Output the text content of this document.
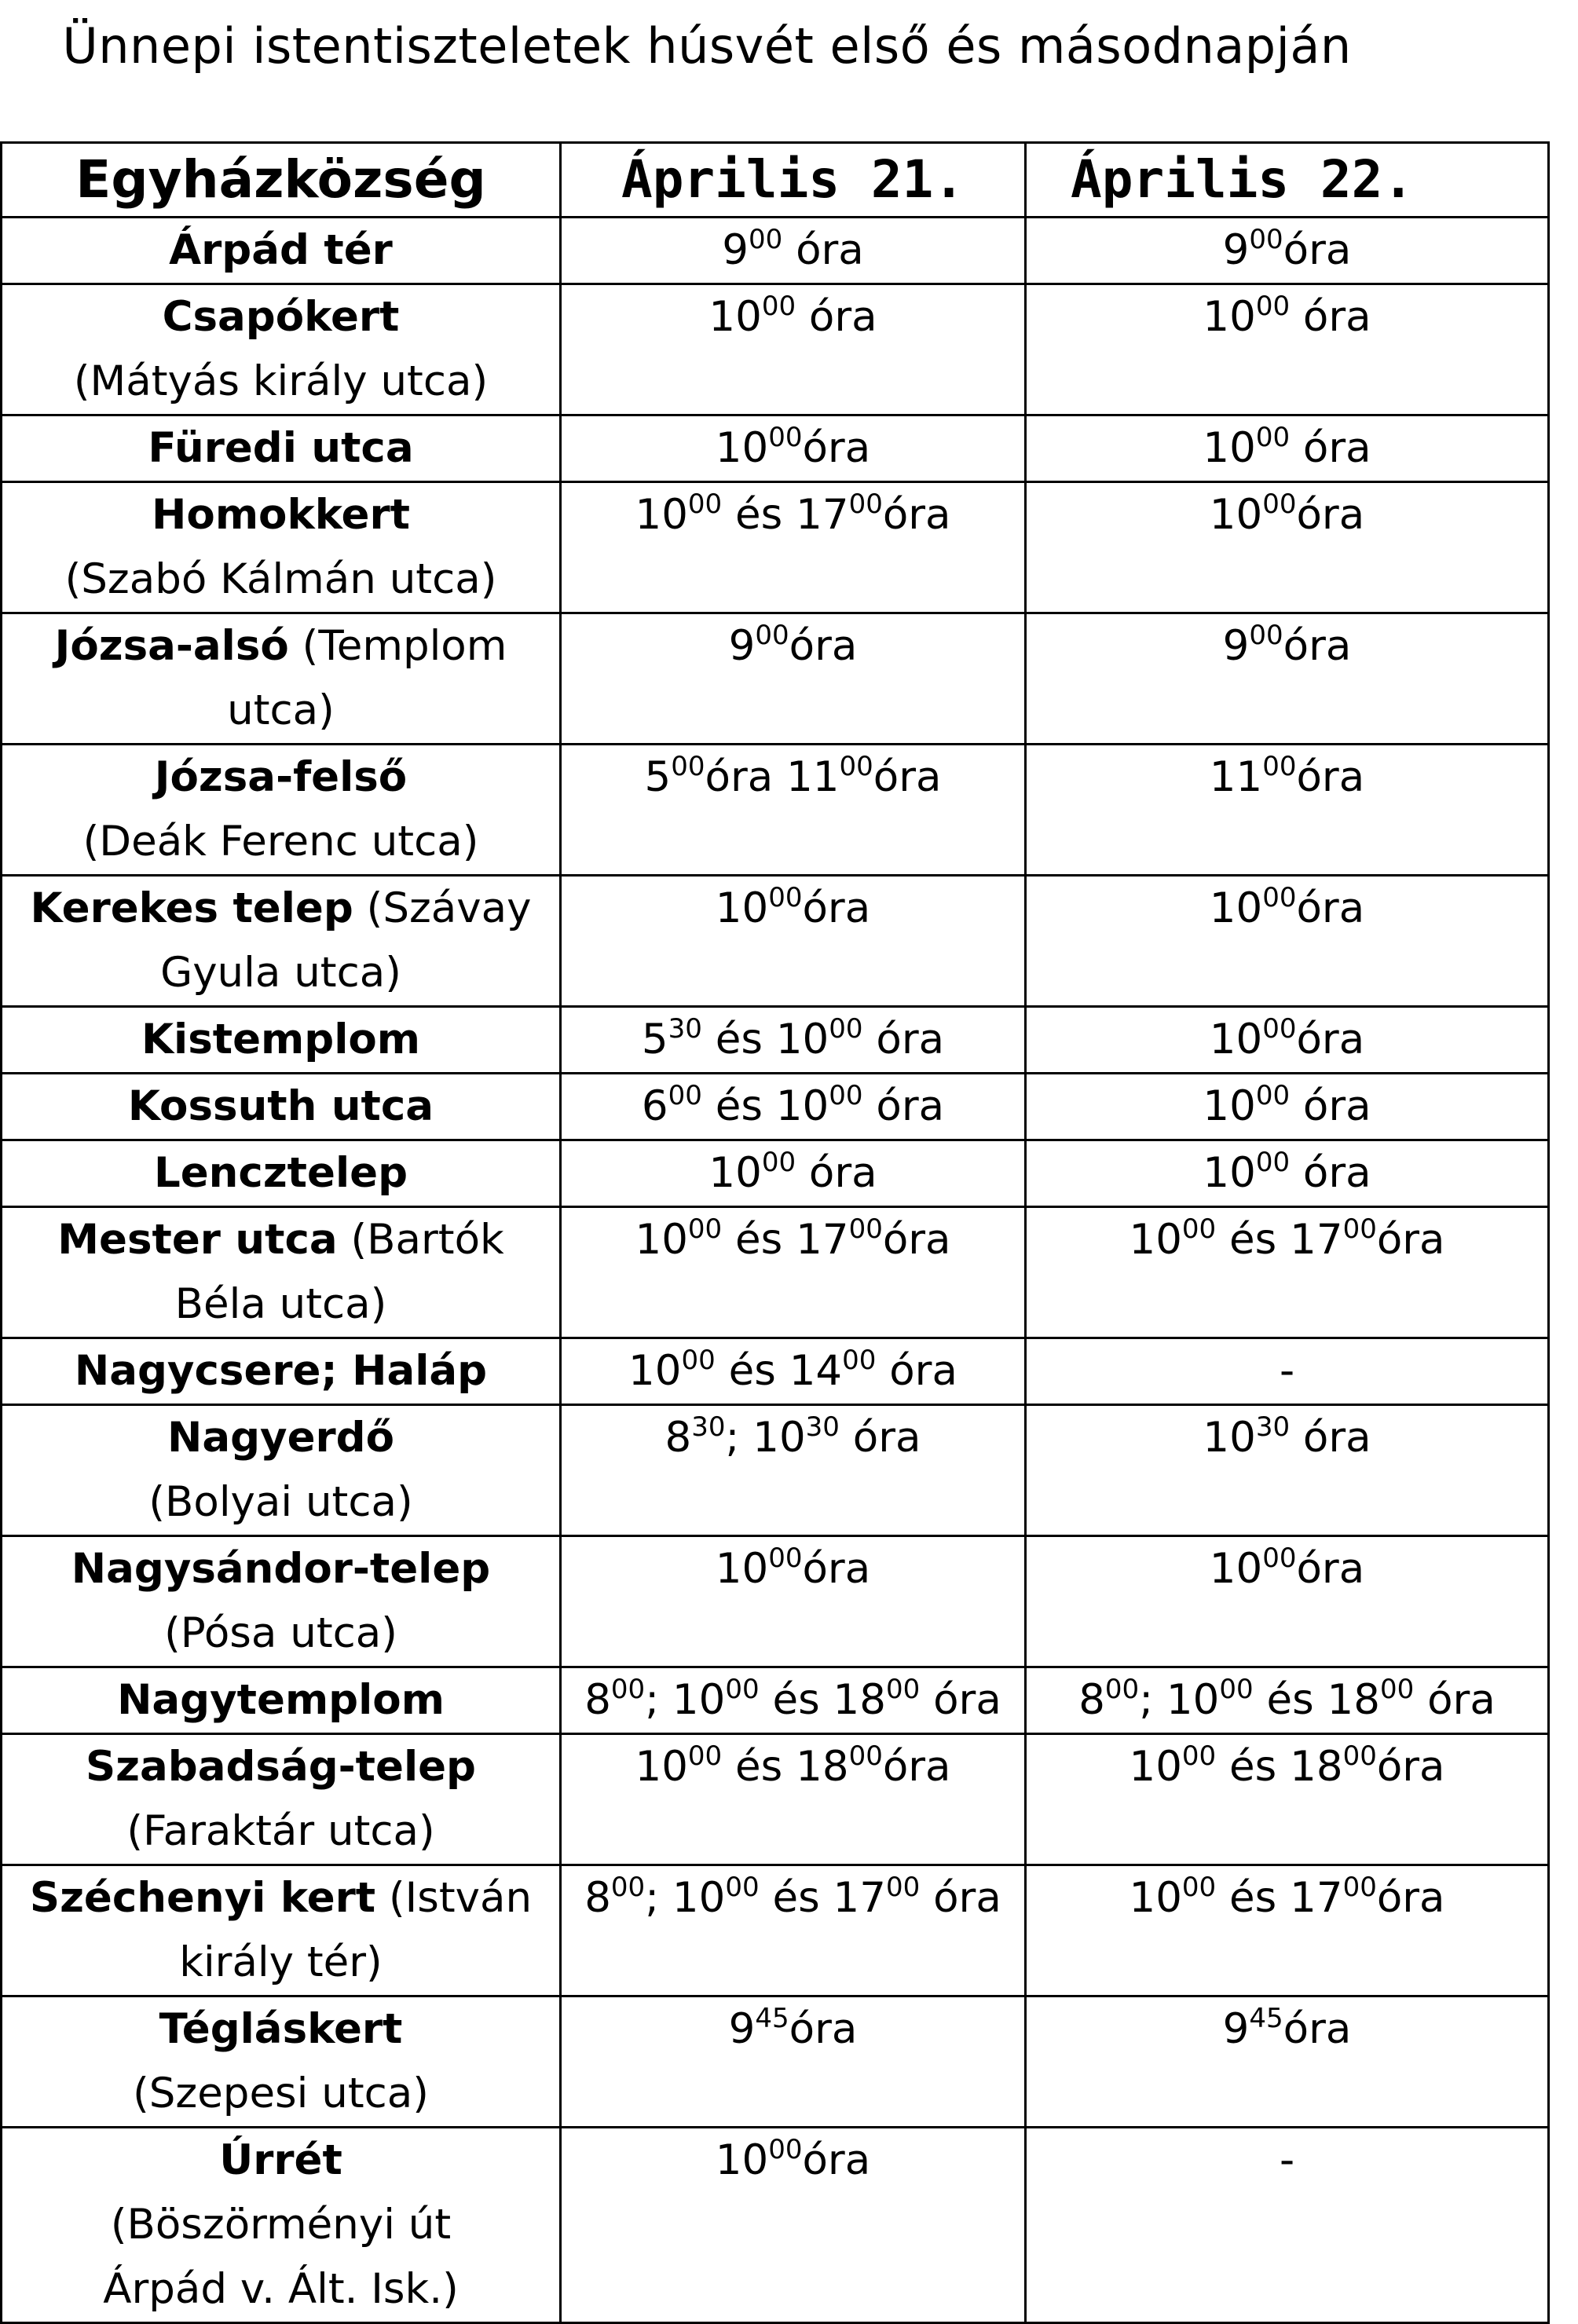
Ünnepi istentiszteletek húsvét első és másodnapján
Egyházközség	Április 21.	Április 22.

Árpád tér	$9^{00}$ óra	$9^{00}óra$

Csapókert
(Mátyás király utca)	$10^{00}$ óra	$10^{00}$ óra

Füredi utca	$10^{00}óra$	$10^{00}$ óra

Homokkert
(Szabó Kálmán utca)	$10^{00}$ és $17^{00}óra$	$10^{00}óra$

Józsa-alsó (Templom
utca)	$9^{00}óra$	$9^{00}óra$

Józsa-felső
(Deák Ferenc utca)	$5^{00}óra$ $11^{00}óra$	$11^{00}óra$

Kerekes telep (Szávay
Gyula utca)	$10^{00}óra$	$10^{00}óra$

Kistemplom	$5^{30}$ és $10^{00}$ óra	$10^{00}óra$

Kossuth utca	$6^{00}$ és $10^{00}$ óra	$10^{00}$ óra

Lencztelep	$10^{00}$ óra	$10^{00}$ óra

Mester utca (Bartók
Béla utca)	$10^{00}$ és $17^{00}óra$	$10^{00}$ és $17^{00}óra$

Nagycsere; Haláp	$10^{00}$ és $14^{00}$ óra	-

Nagyerdő
(Bolyai utca)	$8^{30}$; $10^{30}$ óra	$10^{30}$ óra

Nagysándor-telep
(Pósa utca)	$10^{00}óra$	$10^{00}óra$

Nagytemplom	$8^{00}$; $10^{00}$ és $18^{00}$ óra	$8^{00}$; $10^{00}$ és $18^{00}$ óra

Szabadság-telep
(Faraktár utca)	$10^{00}$ és $18^{00}óra$	$10^{00}$ és $18^{00}óra$

Széchenyi kert (István
király tér)	$8^{00}$; $10^{00}$ és $17^{00}$ óra	$10^{00}$ és $17^{00}óra$

Tégláskert
(Szepesi utca)	$9^{45}óra$	$9^{45}óra$

Úrrét
(Böszörményi út
Árpád v. Ált. Isk.)	$10^{00}óra$	-
